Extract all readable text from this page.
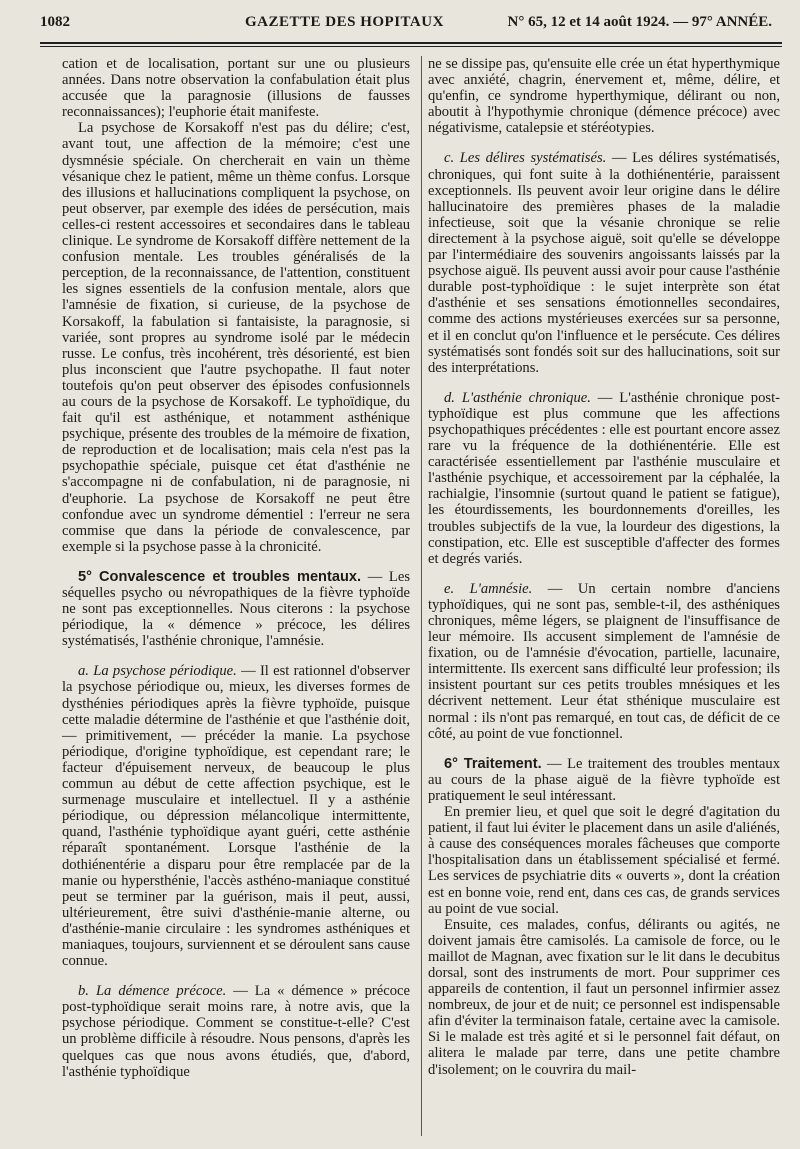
1082	GAZETTE DES HOPITAUX	N° 65, 12 et 14 août 1924. — 97° ANNÉE.

cation et de localisation, portant sur une ou plusieurs années. Dans notre observation la confabulation était plus accusée que la paragnosie (illusions de fausses reconnaissances); l'euphorie était manifeste.

La psychose de Korsakoff n'est pas du délire; c'est, avant tout, une affection de la mémoire; c'est une dysmnésie spéciale. On chercherait en vain un thème vésanique chez le patient, même un thème confus. Lorsque des illusions et hallucinations compliquent la psychose, on peut observer, par exemple des idées de persécution, mais celles-ci restent accessoires et secondaires dans le tableau clinique. Le syndrome de Korsakoff diffère nettement de la confusion mentale. Les troubles généralisés de la perception, de la reconnaissance, de l'attention, constituent les signes essentiels de la confusion mentale, alors que l'amnésie de fixation, si curieuse, de la psychose de Korsakoff, la fabulation si fantaisiste, la paragnosie, si variée, sont propres au syndrome isolé par le médecin russe. Le confus, très incohérent, très désorienté, est bien plus inconscient que l'autre psychopathe. Il faut noter toutefois qu'on peut observer des épisodes confusionnels au cours de la psychose de Korsakoff. Le typhoïdique, du fait qu'il est asthénique, et notamment asthénique psychique, présente des troubles de la mémoire de fixation, de reproduction et de localisation; mais cela n'est pas la psychopathie spéciale, puisque cet état d'asthénie ne s'accompagne ni de confabulation, ni de paragnosie, ni d'euphorie. La psychose de Korsakoff ne peut être confondue avec un syndrome démentiel : l'erreur ne sera commise que dans la période de convalescence, par exemple si la psychose passe à la chronicité.

5° Convalescence et troubles mentaux. — Les séquelles psycho ou névropathiques de la fièvre typhoïde ne sont pas exceptionnelles. Nous citerons : la psychose périodique, la « démence » précoce, les délires systématisés, l'asthénie chronique, l'amnésie.

a. La psychose périodique. — Il est rationnel d'observer la psychose périodique ou, mieux, les diverses formes de dysthénies périodiques après la fièvre typhoïde, puisque cette maladie détermine de l'asthénie et que l'asthénie doit, — primitivement, — précéder la manie. La psychose périodique, d'origine typhoïdique, est cependant rare; le facteur d'épuisement nerveux, de beaucoup le plus commun au début de cette affection psychique, est le surmenage musculaire et intellectuel. Il y a asthénie périodique, ou dépression mélancolique intermittente, quand, l'asthénie typhoïdique ayant guéri, cette asthénie réparaît spontanément. Lorsque l'asthénie de la dothiénentérie a disparu pour être remplacée par de la manie ou hypersthénie, l'accès asthéno-maniaque constitué peut se terminer par la guérison, mais il peut, aussi, ultérieurement, être suivi d'asthénie-manie alterne, ou d'asthénie-manie circulaire : les syndromes asthéniques et maniaques, toujours, surviennent et se déroulent sans cause connue.

b. La démence précoce. — La « démence » précoce post-typhoïdique serait moins rare, à notre avis, que la psychose périodique. Comment se constitue-t-elle? C'est un problème difficile à résoudre. Nous pensons, d'après les quelques cas que nous avons étudiés, que, d'abord, l'asthénie typhoïdique

ne se dissipe pas, qu'ensuite elle crée un état hyperthymique avec anxiété, chagrin, énervement et, même, délire, et qu'enfin, ce syndrome hyperthymique, délirant ou non, aboutit à l'hypothymie chronique (démence précoce) avec négativisme, catalepsie et stéréotypies.

c. Les délires systématisés. — Les délires systématisés, chroniques, qui font suite à la dothiénentérie, paraissent exceptionnels. Ils peuvent avoir leur origine dans le délire hallucinatoire des premières phases de la maladie infectieuse, soit que la vésanie chronique se relie directement à la psychose aiguë, soit qu'elle se développe par l'intermédiaire des souvenirs angoissants laissés par la psychose aiguë. Ils peuvent aussi avoir pour cause l'asthénie durable post-typhoïdique : le sujet interprète son état d'asthénie et ses sensations émotionnelles secondaires, comme des actions mystérieuses exercées sur sa personne, et il en conclut qu'on l'influence et le persécute. Ces délires systématisés sont fondés soit sur des hallucinations, soit sur des interprétations.

d. L'asthénie chronique. — L'asthénie chronique post-typhoïdique est plus commune que les affections psychopathiques précédentes : elle est pourtant encore assez rare vu la fréquence de la dothiénentérie. Elle est caractérisée essentiellement par l'asthénie musculaire et l'asthénie psychique, et accessoirement par la céphalée, la rachialgie, l'insomnie (surtout quand le patient se fatigue), les étourdissements, les bourdonnements d'oreilles, les troubles subjectifs de la vue, la lourdeur des digestions, la constipation, etc. Elle est susceptible d'affecter des formes et degrés variés.

e. L'amnésie. — Un certain nombre d'anciens typhoïdiques, qui ne sont pas, semble-t-il, des asthéniques chroniques, même légers, se plaignent de l'insuffisance de leur mémoire. Ils accusent simplement de l'amnésie de fixation, ou de l'amnésie d'évocation, partielle, lacunaire, intermittente. Ils exercent sans difficulté leur profession; ils insistent pourtant sur ces petits troubles mnésiques et les décrivent nettement. Leur état sthénique musculaire est normal : ils n'ont pas remarqué, en tout cas, de déficit de ce côté, au point de vue fonctionnel.

6° Traitement. — Le traitement des troubles mentaux au cours de la phase aiguë de la fièvre typhoïde est pratiquement le seul intéressant.

En premier lieu, et quel que soit le degré d'agitation du patient, il faut lui éviter le placement dans un asile d'aliénés, à cause des conséquences morales fâcheuses que comporte l'hospitalisation dans un établissement spécialisé et fermé. Les services de psychiatrie dits « ouverts », dont la création est en bonne voie, rend ent, dans ces cas, de grands services au point de vue social.

Ensuite, ces malades, confus, délirants ou agités, ne doivent jamais être camisolés. La camisole de force, ou le maillot de Magnan, avec fixation sur le lit dans le decubitus dorsal, sont des instruments de mort. Pour supprimer ces appareils de contention, il faut un personnel infirmier assez nombreux, de jour et de nuit; ce personnel est indispensable afin d'éviter la terminaison fatale, certaine avec la camisole. Si le malade est très agité et si le personnel fait défaut, on alitera le malade par terre, dans une petite chambre d'isolement; on le couvrira du mail-
